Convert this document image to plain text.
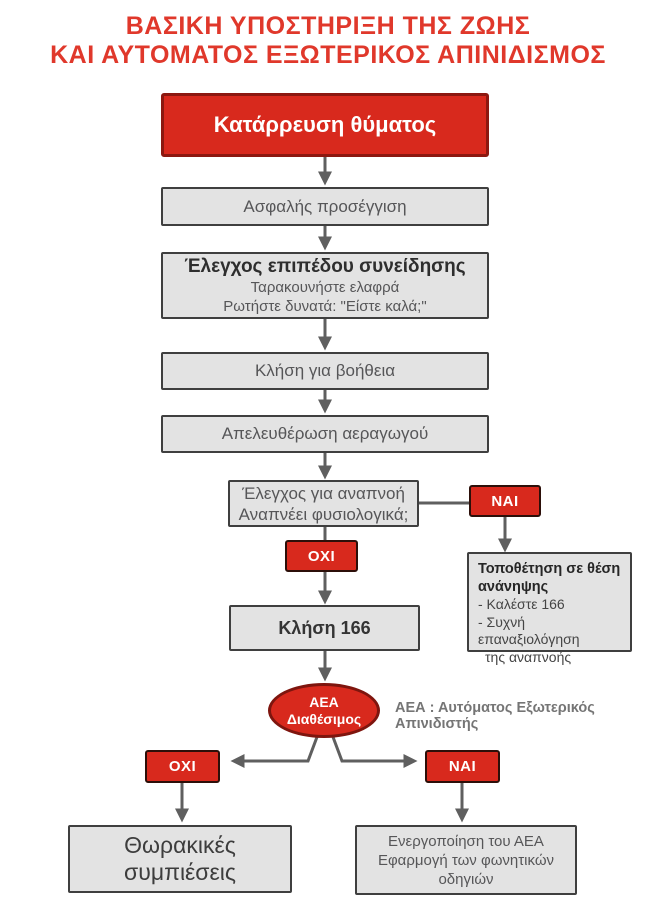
ΒΑΣΙΚΗ ΥΠΟΣΤΗΡΙΞΗ ΤΗΣ ΖΩΗΣ
ΚΑΙ ΑΥΤΟΜΑΤΟΣ ΕΞΩΤΕΡΙΚΟΣ ΑΠΙΝΙΔΙΣΜΟΣ
Κατάρρευση θύματος
Ασφαλής προσέγγιση
Έλεγχος επιπέδου συνείδησης
Ταρακουνήστε ελαφρά
Ρωτήστε δυνατά: "Είστε καλά;"
Κλήση για βοήθεια
Απελευθέρωση αεραγωγού
Έλεγχος για αναπνοή
Αναπνέει φυσιολογικά;
ΝΑΙ
ΟΧΙ
Τοποθέτηση σε θέση
ανάνηψης
- Καλέστε 166
- Συχνή επαναξιολόγηση
της αναπνοής
Κλήση 166
ΑΕΑ
Διαθέσιμος
ΑΕΑ : Αυτόματος Εξωτερικός Απινιδιστής
ΟΧΙ	ΝΑΙ
Θωρακικές συμπιέσεις
Ενεργοποίηση του ΑΕΑ
Εφαρμογή των φωνητικών
οδηγιών
